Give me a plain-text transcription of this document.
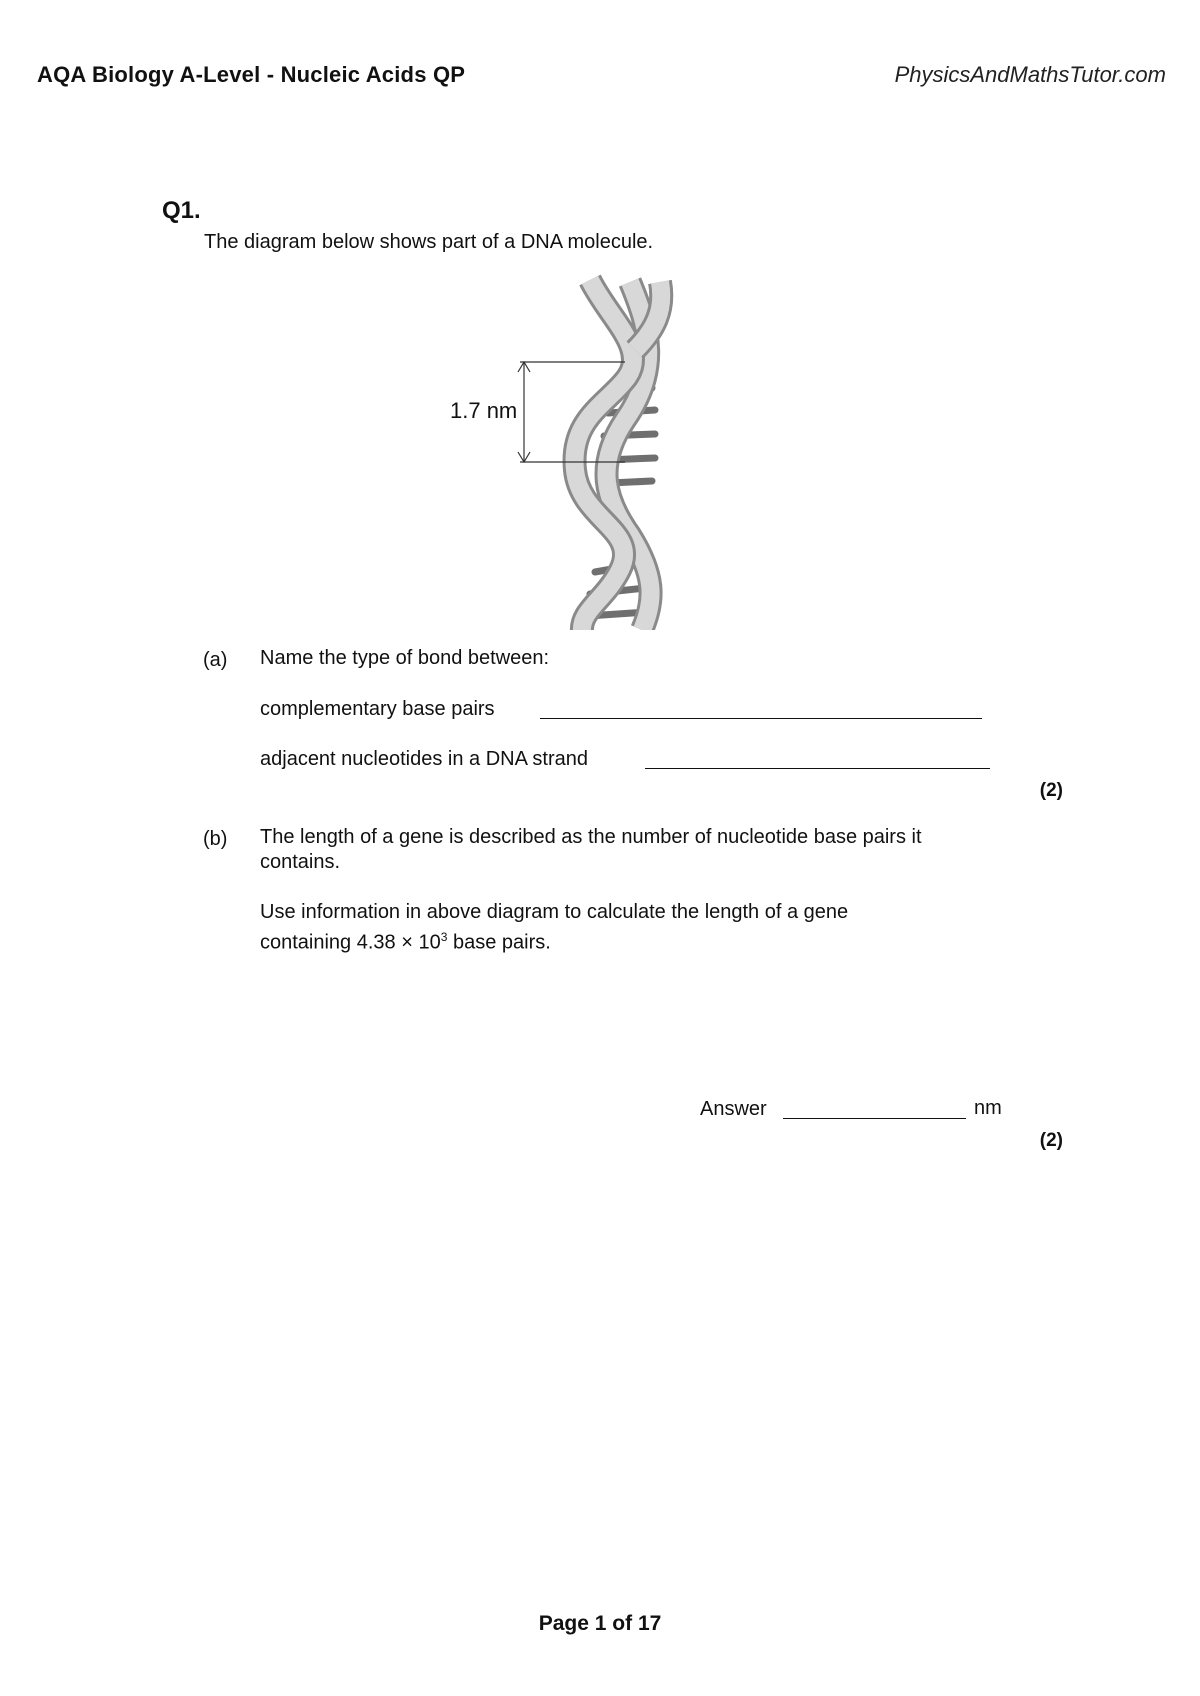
AQA Biology A-Level - Nucleic Acids QP	PhysicsAndMathsTutor.com
Q1.
The diagram below shows part of a DNA molecule.
1.7 nm
(a) Name the type of bond between:
complementary base pairs
adjacent nucleotides in a DNA strand
(2)
(b) The length of a gene is described as the number of nucleotide base pairs it
contains.
Use information in above diagram to calculate the length of a gene
containing $4.38 \times 10^3$ base pairs.
Answer	nm
(2)
Page 1 of 17
